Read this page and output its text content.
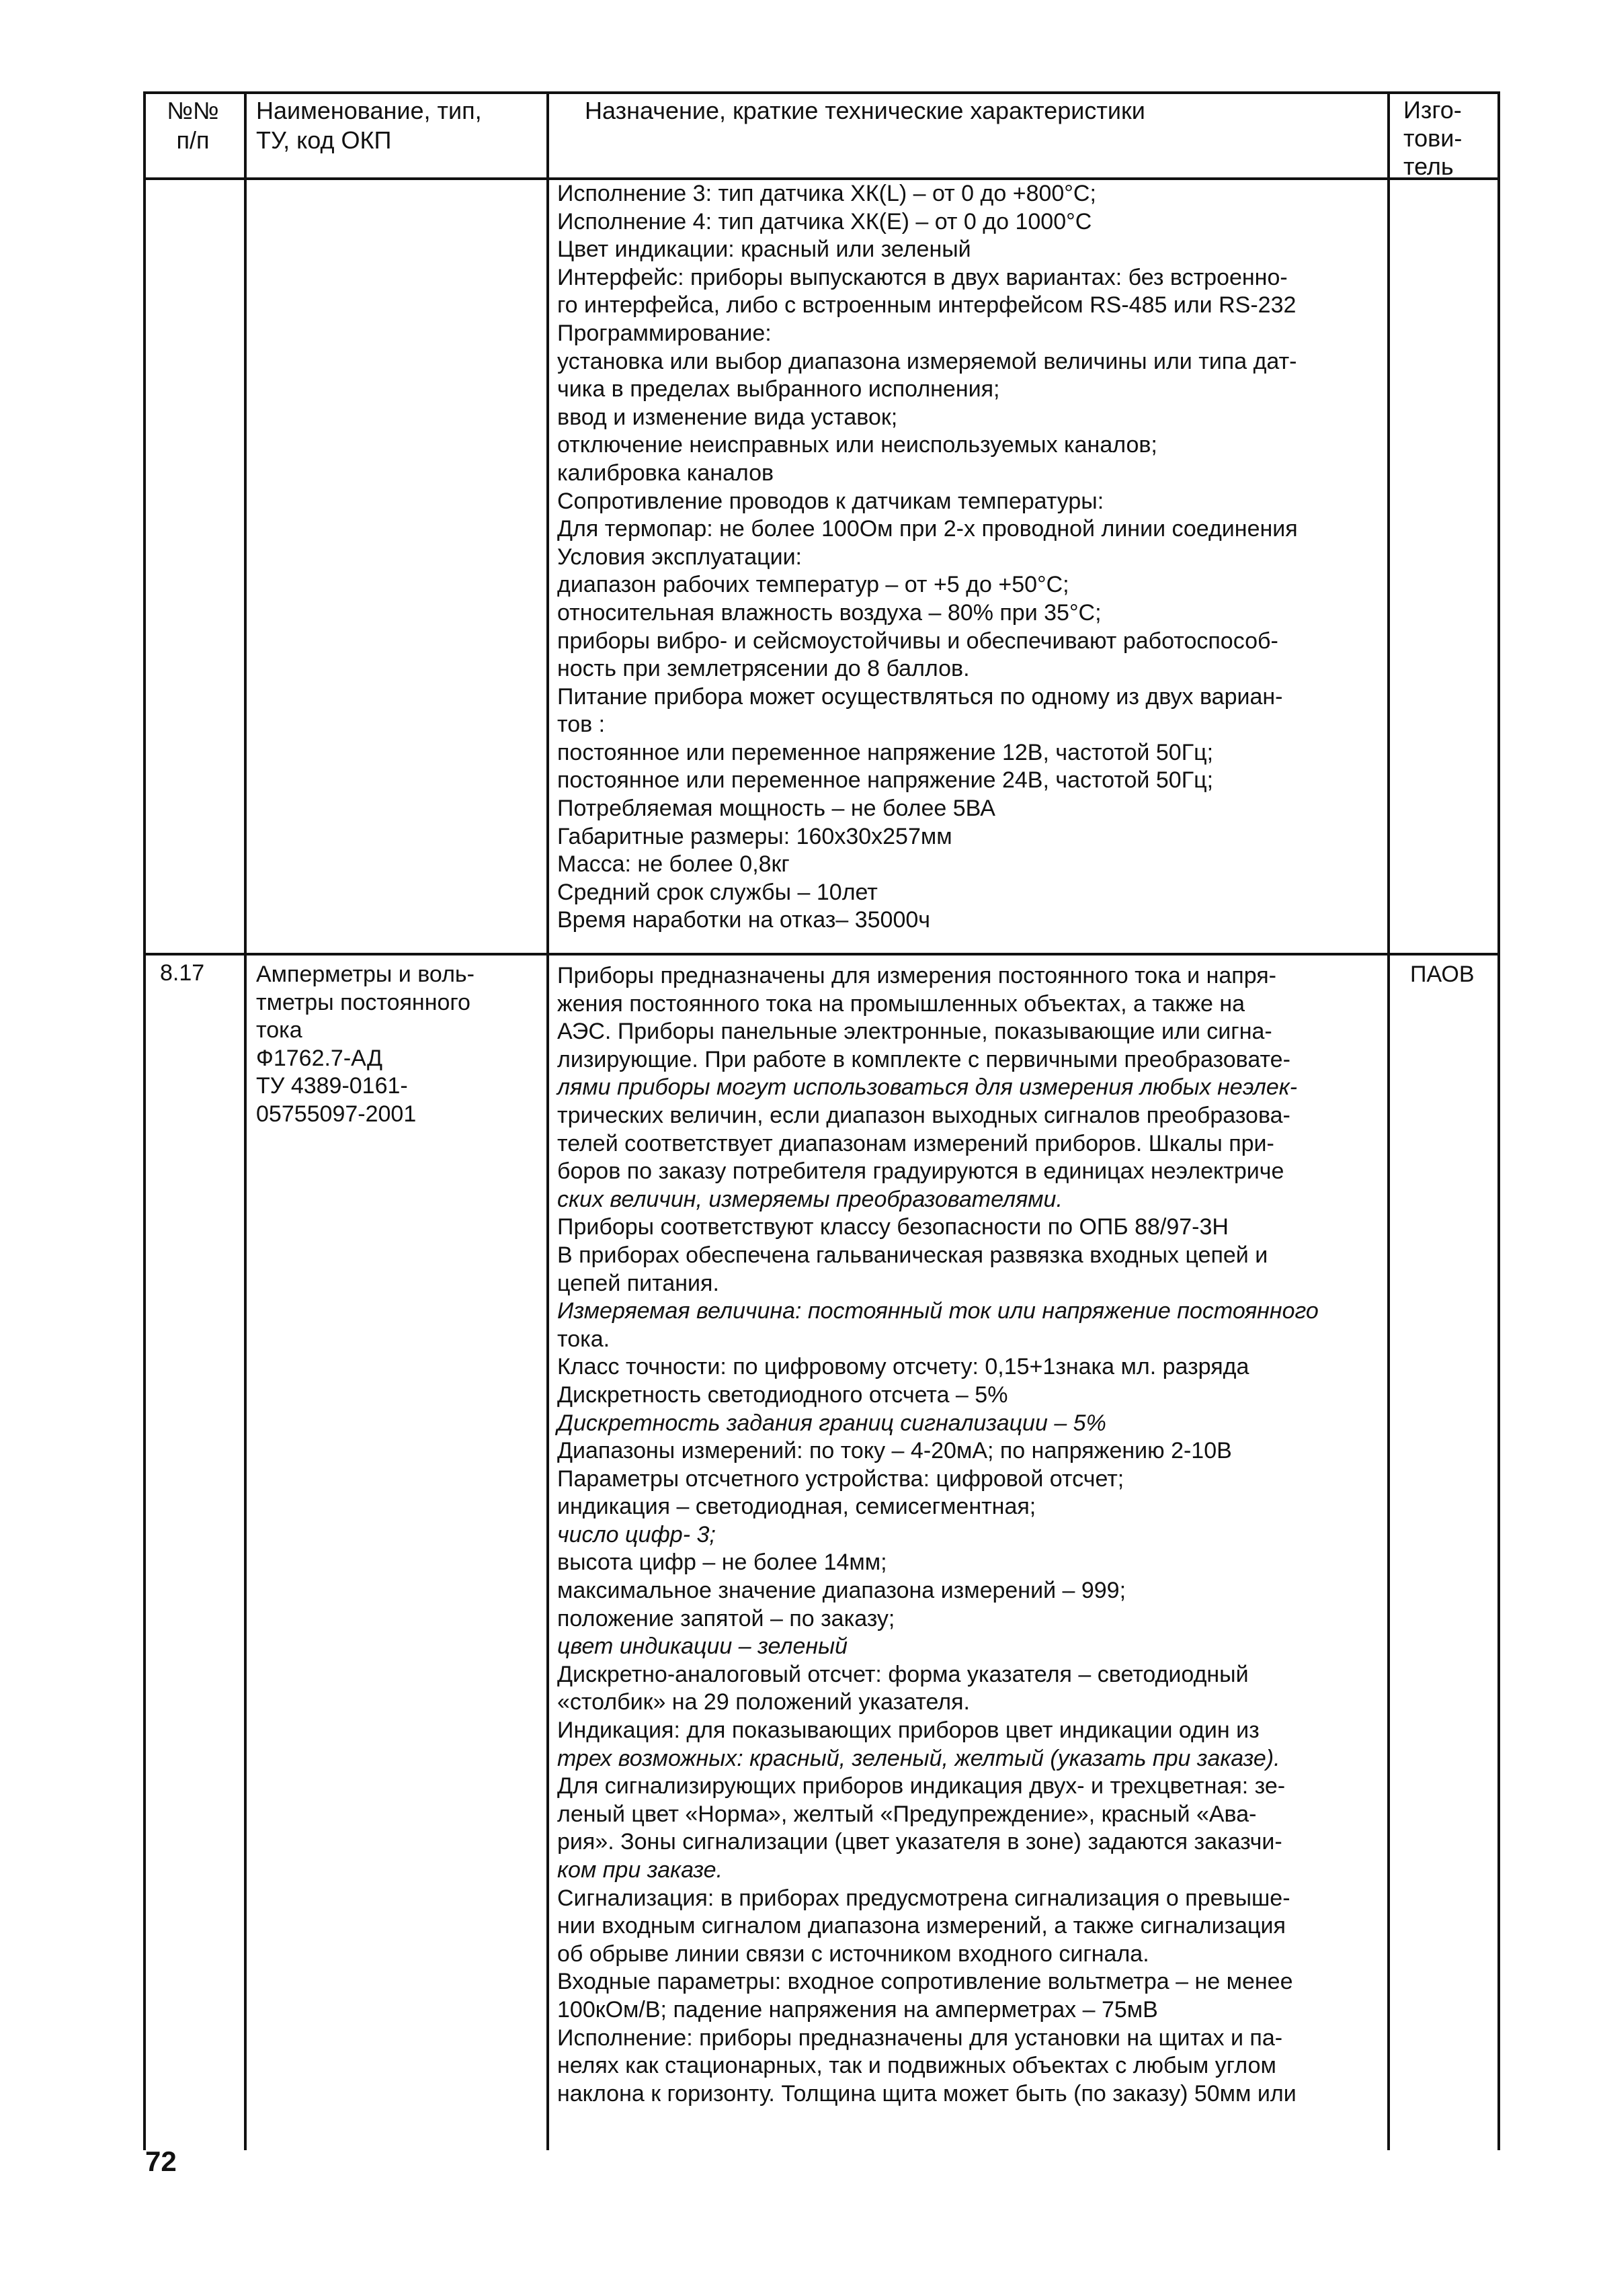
№№
п/п
Наименование, тип,
ТУ, код ОКП
Назначение, краткие технические характеристики	Изго-
тови-
тель
Исполнение 3: тип датчика ХК(L) – от 0 до +800°С;
Исполнение 4: тип датчика ХК(Е) – от 0 до 1000°С
Цвет индикации: красный или зеленый
Интерфейс: приборы выпускаются в двух вариантах: без встроенно-
го интерфейса, либо с встроенным интерфейсом RS-485 или RS-232
Программирование:
установка или выбор диапазона измеряемой величины или типа дат-
чика в пределах выбранного исполнения;
ввод и изменение вида уставок;
отключение неисправных или неиспользуемых каналов;
калибровка каналов
Сопротивление проводов к датчикам температуры:
Для термопар: не более 100Ом при 2-х проводной линии соединения
Условия эксплуатации:
диапазон рабочих температур – от +5 до +50°С;
относительная влажность воздуха – 80% при 35°С;
приборы вибро- и сейсмоустойчивы и обеспечивают работоспособ-
ность при землетрясении до 8 баллов.
Питание прибора может осуществляться по одному из двух вариан-
тов :
постоянное или переменное напряжение 12В, частотой 50Гц;
постоянное или переменное напряжение 24В, частотой 50Гц;
Потребляемая мощность – не более 5ВА
Габаритные размеры: 160х30х257мм
Масса: не более 0,8кг
Средний срок службы – 10лет
Время наработки на отказ– 35000ч
8.17 Амперметры и воль-
тметры постоянного
тока
Ф1762.7-АД
ТУ 4389-0161-
05755097-2001
Приборы предназначены для измерения постоянного тока и напря-
жения постоянного тока на промышленных объектах, а также на
АЭС. Приборы панельные электронные, показывающие или сигна-
лизирующие. При работе в комплекте с первичными преобразовате-
лями приборы могут использоваться для измерения любых неэлек-
трических величин, если диапазон выходных сигналов преобразова-
телей соответствует диапазонам измерений приборов. Шкалы при-
боров по заказу потребителя градуируются в единицах неэлектриче
ских величин, измеряемы преобразователями.
Приборы соответствуют классу безопасности по ОПБ 88/97-3Н
В приборах обеспечена гальваническая развязка входных цепей и
цепей питания.
Измеряемая величина: постоянный ток или напряжение постоянного
тока.
Класс точности: по цифровому отсчету: 0,15+1знака мл. разряда
Дискретность светодиодного отсчета – 5%
Дискретность задания границ сигнализации – 5%
Диапазоны измерений: по току – 4-20мА; по напряжению 2-10В
Параметры отсчетного устройства: цифровой отсчет;
индикация – светодиодная, семисегментная;
число цифр- 3;
высота цифр – не более 14мм;
максимальное значение диапазона измерений – 999;
положение запятой – по заказу;
цвет индикации – зеленый
Дискретно-аналоговый отсчет: форма указателя – светодиодный
«столбик» на 29 положений указателя.
Индикация: для показывающих приборов цвет индикации один из
трех возможных: красный, зеленый, желтый (указать при заказе).
Для сигнализирующих приборов индикация двух- и трехцветная: зе-
леный цвет «Норма», желтый «Предупреждение», красный «Ава-
рия». Зоны сигнализации (цвет указателя в зоне) задаются заказчи-
ком при заказе.
Сигнализация: в приборах предусмотрена сигнализация о превыше-
нии входным сигналом диапазона измерений, а также сигнализация
об обрыве линии связи с источником входного сигнала.
Входные параметры: входное сопротивление вольтметра – не менее
100кОм/В; падение напряжения на амперметрах – 75мВ
Исполнение: приборы предназначены для установки на щитах и па-
нелях как стационарных, так и подвижных объектах с любым углом
наклона к горизонту. Толщина щита может быть (по заказу) 50мм или
ПАОВ
72
